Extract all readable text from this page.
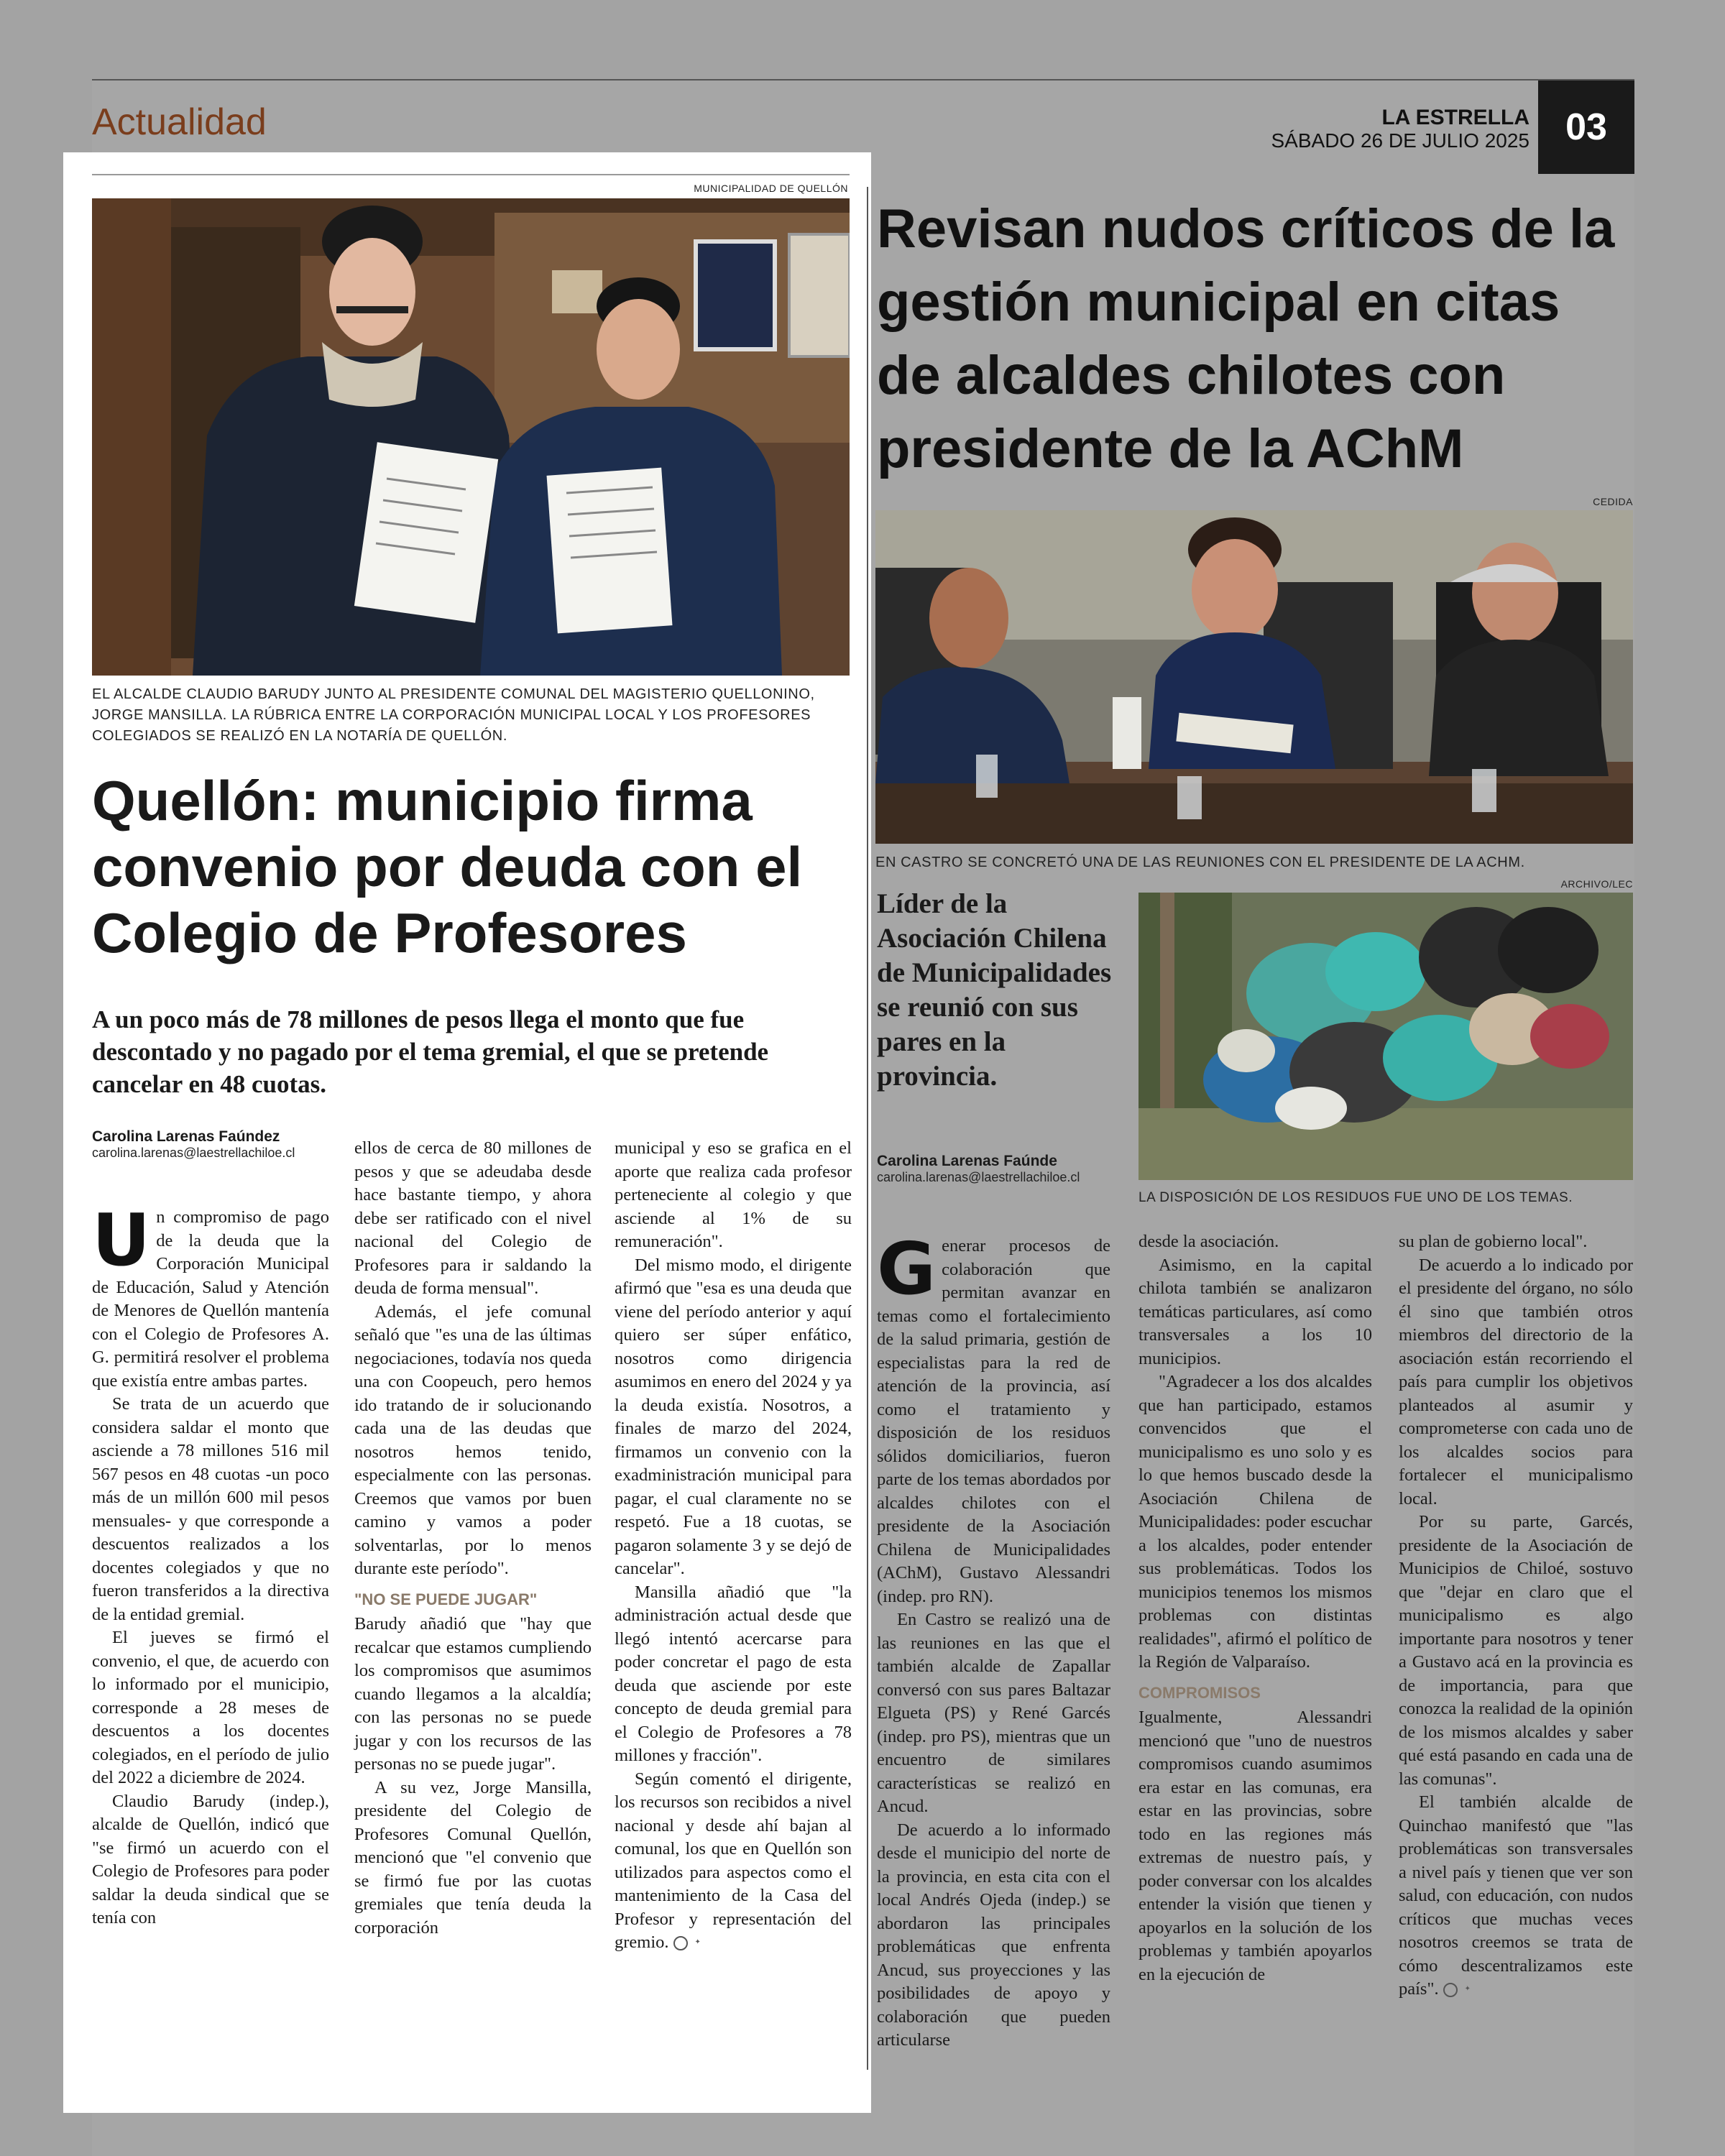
Actualidad	LA ESTRELLA
SÁBADO 26 DE JULIO 2025 03
MUNICIPALIDAD DE QUELLÓN
EL ALCALDE CLAUDIO BARUDY JUNTO AL PRESIDENTE COMUNAL DEL MAGISTERIO QUELLONINO, JORGE MANSILLA. LA RÚBRICA ENTRE LA CORPORACIÓN MUNICIPAL LOCAL Y LOS PROFESORES COLEGIADOS SE REALIZÓ EN LA NOTARÍA DE QUELLÓN.
Quellón: municipio firma convenio por deuda con el Colegio de Profesores
A un poco más de 78 millones de pesos llega el monto que fue descontado y no pagado por el tema gremial, el que se pretende cancelar en 48 cuotas.
Carolina Larenas Faúndez
carolina.larenas@laestrellachiloe.cl

Un compromiso de pago de la deuda que la Corporación Municipal de Educación, Salud y Atención de Menores de Quellón mantenía con el Colegio de Profesores A. G. permitirá resolver el problema que existía entre ambas partes.

Se trata de un acuerdo que considera saldar el monto que asciende a 78 millones 516 mil 567 pesos en 48 cuotas -un poco más de un millón 600 mil pesos mensuales- y que corresponde a descuentos realizados a los docentes colegiados y que no fueron transferidos a la directiva de la entidad gremial.

El jueves se firmó el convenio, el que, de acuerdo con lo informado por el municipio, corresponde a 28 meses de descuentos a los docentes colegiados, en el período de julio del 2022 a diciembre de 2024.

Claudio Barudy (indep.), alcalde de Quellón, indicó que "se firmó un acuerdo con el Colegio de Profesores para poder saldar la deuda sindical que se tenía con

ellos de cerca de 80 millones de pesos y que se adeudaba desde hace bastante tiempo, y ahora debe ser ratificado con el nivel nacional del Colegio de Profesores para ir saldando la deuda de forma mensual".

Además, el jefe comunal señaló que "es una de las últimas negociaciones, todavía nos queda una con Coopeuch, pero hemos ido tratando de ir solucionando cada una de las deudas que nosotros hemos tenido, especialmente con las personas. Creemos que vamos por buen camino y vamos a poder solventarlas, por lo menos durante este período".

"NO SE PUEDE JUGAR"

Barudy añadió que "hay que recalcar que estamos cumpliendo los compromisos que asumimos cuando llegamos a la alcaldía; con las personas no se puede jugar y con los recursos de las personas no se puede jugar".

A su vez, Jorge Mansilla, presidente del Colegio de Profesores Comunal Quellón, mencionó que "el convenio que se firmó fue por las cuotas gremiales que tenía deuda la corporación

municipal y eso se grafica en el aporte que realiza cada profesor perteneciente al colegio y que asciende al 1% de su remuneración".

Del mismo modo, el dirigente afirmó que "esa es una deuda que viene del período anterior y aquí quiero ser súper enfático, nosotros como dirigencia asumimos en enero del 2024 y ya la deuda existía. Nosotros, a finales de marzo del 2024, firmamos un convenio con la exadministración municipal para pagar, el cual claramente no se respetó. Fue a 18 cuotas, se pagaron solamente 3 y se dejó de cancelar".

Mansilla añadió que "la administración actual desde que llegó intentó acercarse para poder concretar el pago de esta deuda que asciende por este concepto de deuda gremial para el Colegio de Profesores a 78 millones y fracción".

Según comentó el dirigente, los recursos son recibidos a nivel nacional y desde ahí bajan al comunal, los que en Quellón son utilizados para aspectos como el mantenimiento de la Casa del Profesor y representación del gremio.	✦

Revisan nudos críticos de la gestión municipal en citas de alcaldes chilotes con presidente de la AChM
CEDIDA
EN CASTRO SE CONCRETÓ UNA DE LAS REUNIONES CON EL PRESIDENTE DE LA ACHM.
ARCHIVO/LEC
LA DISPOSICIÓN DE LOS RESIDUOS FUE UNO DE LOS TEMAS.
Líder de la Asociación Chilena de Municipalidades se reunió con sus pares en la provincia.
Carolina Larenas Faúnde
carolina.larenas@laestrellachiloe.cl

Generar procesos de colaboración que permitan avanzar en temas como el fortalecimiento de la salud primaria, gestión de especialistas para la red de atención de la provincia, así como el tratamiento y disposición de los residuos sólidos domiciliarios, fueron parte de los temas abordados por alcaldes chilotes con el presidente de la Asociación Chilena de Municipalidades (AChM), Gustavo Alessandri (indep. pro RN).

En Castro se realizó una de las reuniones en las que el también alcalde de Zapallar conversó con sus pares Baltazar Elgueta (PS) y René Garcés (indep. pro PS), mientras que un encuentro de similares características se realizó en Ancud.

De acuerdo a lo informado desde el municipio del norte de la provincia, en esta cita con el local Andrés Ojeda (indep.) se abordaron las principales problemáticas que enfrenta Ancud, sus proyecciones y las posibilidades de apoyo y colaboración que pueden articularse

desde la asociación.

Asimismo, en la capital chilota también se analizaron temáticas particulares, así como transversales a los 10 municipios.

"Agradecer a los dos alcaldes que han participado, estamos convencidos que el municipalismo es uno solo y es lo que hemos buscado desde la Asociación Chilena de Municipalidades: poder escuchar a los alcaldes, poder entender sus problemáticas. Todos los municipios tenemos los mismos problemas con distintas realidades", afirmó el político de la Región de Valparaíso.

COMPROMISOS

Igualmente, Alessandri mencionó que "uno de nuestros compromisos cuando asumimos era estar en las comunas, era estar en las provincias, sobre todo en las regiones más extremas de nuestro país, y poder conversar con los alcaldes entender la visión que tienen y apoyarlos en la solución de los problemas y también apoyarlos en la ejecución de

su plan de gobierno local".

De acuerdo a lo indicado por el presidente del órgano, no sólo él sino que también otros miembros del directorio de la asociación están recorriendo el país para cumplir los objetivos planteados al asumir y comprometerse con cada uno de los alcaldes socios para fortalecer el municipalismo local.

Por su parte, Garcés, presidente de la Asociación de Municipios de Chiloé, sostuvo que "dejar en claro que el municipalismo es algo importante para nosotros y tener a Gustavo acá en la provincia es de importancia, para que conozca la realidad de la opinión de los mismos alcaldes y saber qué está pasando en cada una de las comunas".

El también alcalde de Quinchao manifestó que "las problemáticas son transversales a nivel país y tienen que ver son salud, con educación, con nudos críticos que muchas veces nosotros creemos se trata de cómo descentralizamos este país".	✦
